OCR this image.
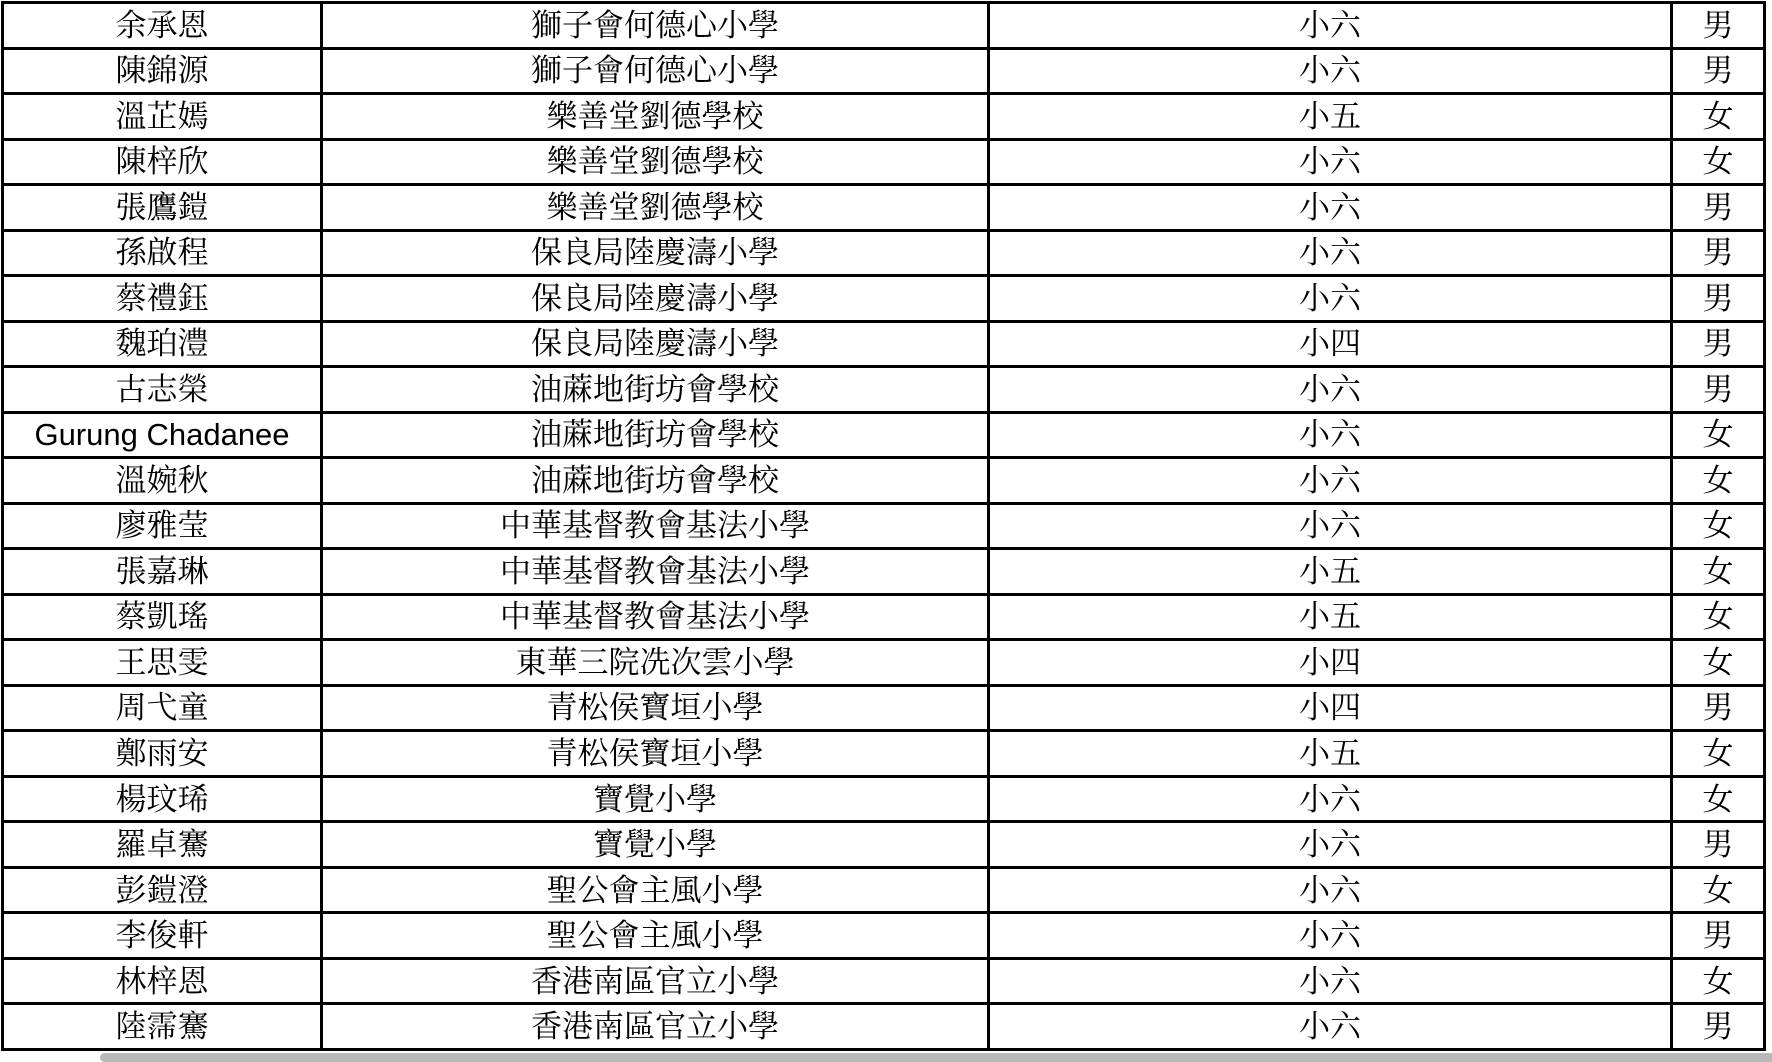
余承恩	獅子會何德心小學	小六	男
陳錦源	獅子會何德心小學	小六	男
溫芷嫣	樂善堂劉德學校	小五	女
陳梓欣	樂善堂劉德學校	小六	女
張鷹鎧	樂善堂劉德學校	小六	男
孫啟程	保良局陸慶濤小學	小六	男
蔡禮鈺	保良局陸慶濤小學	小六	男
魏珀澧	保良局陸慶濤小學	小四	男
古志榮	油蔴地街坊會學校	小六	男
Gurung Chadanee	油蔴地街坊會學校	小六	女
溫婉秋	油蔴地街坊會學校	小六	女
廖雅莹	中華基督教會基法小學	小六	女
張嘉琳	中華基督教會基法小學	小五	女
蔡凱瑤	中華基督教會基法小學	小五	女
王思雯	東華三院冼次雲小學	小四	女
周弋童	青松侯寶垣小學	小四	男
鄭雨安	青松侯寶垣小學	小五	女
楊玟琋	寶覺小學	小六	女
羅卓騫	寶覺小學	小六	男
彭鎧澄	聖公會主風小學	小六	女
李俊軒	聖公會主風小學	小六	男
林梓恩	香港南區官立小學	小六	女
陸霈騫	香港南區官立小學	小六	男
